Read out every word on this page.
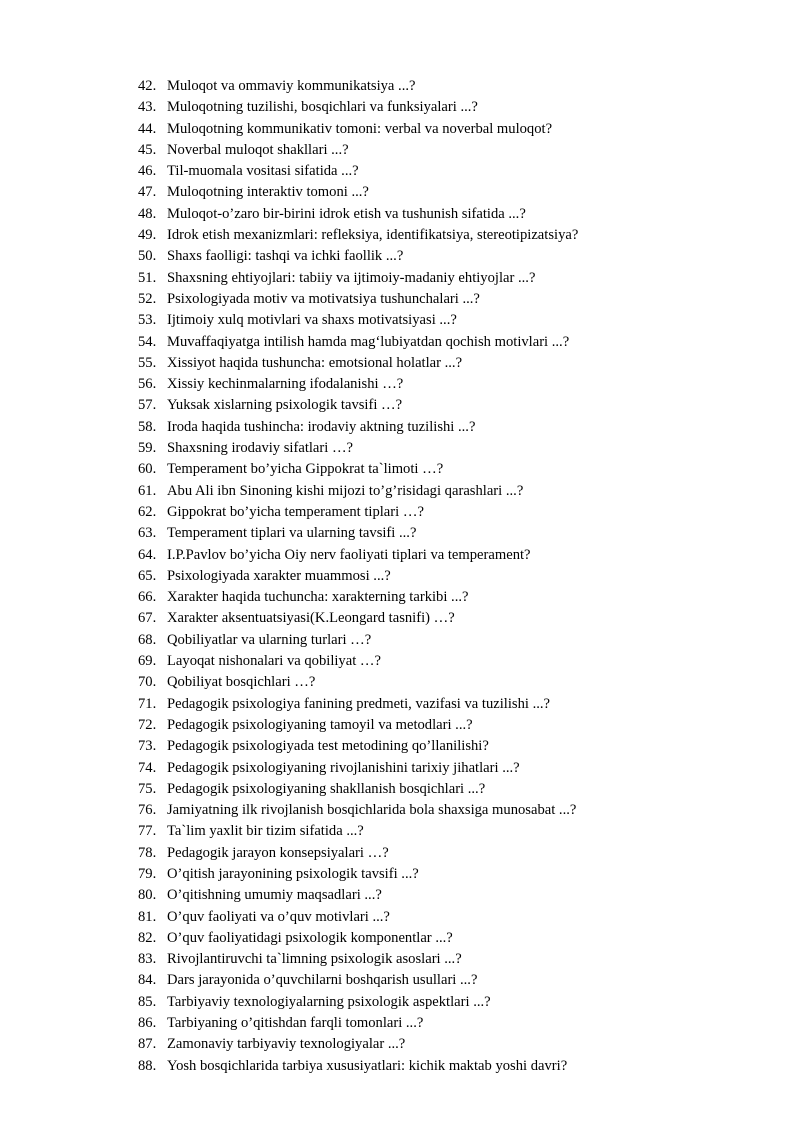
42. Muloqot va ommaviy kommunikatsiya ...?
43. Muloqotning tuzilishi, bosqichlari va funksiyalari ...?
44. Muloqotning kommunikativ tomoni: verbal va noverbal muloqot?
45. Noverbal muloqot shakllari ...?
46. Til-muomala vositasi sifatida ...?
47. Muloqotning interaktiv tomoni ...?
48. Muloqot-o’zaro bir-birini idrok etish va tushunish sifatida ...?
49. Idrok etish mexanizmlari: refleksiya, identifikatsiya, stereotipizatsiya?
50. Shaxs faolligi: tashqi va ichki faollik ...?
51. Shaxsning ehtiyojlari: tabiiy va ijtimoiy-madaniy ehtiyojlar ...?
52. Psixologiyada motiv va motivatsiya tushunchalari ...?
53. Ijtimoiy xulq motivlari va shaxs motivatsiyasi ...?
54. Muvaffaqiyatga intilish hamda mag‘lubiyatdan qochish motivlari ...?
55. Xissiyot haqida tushuncha: emotsional holatlar ...?
56. Xissiy kechinmalarning ifodalanishi …?
57. Yuksak xislarning psixologik tavsifi …?
58. Iroda haqida tushincha: irodaviy aktning tuzilishi ...?
59. Shaxsning irodaviy sifatlari …?
60. Temperament bo’yicha Gippokrat ta`limoti …?
61. Abu Ali ibn Sinoning kishi mijozi to’g’risidagi qarashlari ...?
62. Gippokrat bo’yicha temperament tiplari …?
63. Temperament tiplari va ularning tavsifi ...?
64. I.P.Pavlov bo’yicha Oiy nerv faoliyati tiplari va temperament?
65. Psixologiyada xarakter muammosi ...?
66. Xarakter haqida tuchuncha: xarakterning tarkibi ...?
67. Xarakter aksentuatsiyasi(K.Leongard tasnifi) …?
68. Qobiliyatlar va ularning turlari …?
69. Layoqat nishonalari va qobiliyat …?
70. Qobiliyat bosqichlari …?
71. Pedagogik psixologiya fanining predmeti, vazifasi va tuzilishi ...?
72. Pedagogik psixologiyaning tamoyil va metodlari ...?
73. Pedagogik psixologiyada test metodining qo’llanilishi?
74. Pedagogik psixologiyaning rivojlanishini tarixiy jihatlari ...?
75. Pedagogik psixologiyaning shakllanish bosqichlari ...?
76. Jamiyatning ilk rivojlanish bosqichlarida bola shaxsiga munosabat ...?
77. Ta`lim yaxlit bir tizim sifatida ...?
78. Pedagogik jarayon konsepsiyalari …?
79. O’qitish jarayonining psixologik tavsifi ...?
80. O’qitishning umumiy maqsadlari ...?
81. O’quv faoliyati va o’quv motivlari ...?
82. O’quv faoliyatidagi psixologik komponentlar ...?
83. Rivojlantiruvchi ta`limning psixologik asoslari ...?
84. Dars jarayonida o’quvchilarni boshqarish usullari ...?
85. Tarbiyaviy texnologiyalarning psixologik aspektlari ...?
86. Tarbiyaning o’qitishdan farqli tomonlari ...?
87. Zamonaviy tarbiyaviy texnologiyalar ...?
88. Yosh bosqichlarida tarbiya xususiyatlari: kichik maktab yoshi davri?
